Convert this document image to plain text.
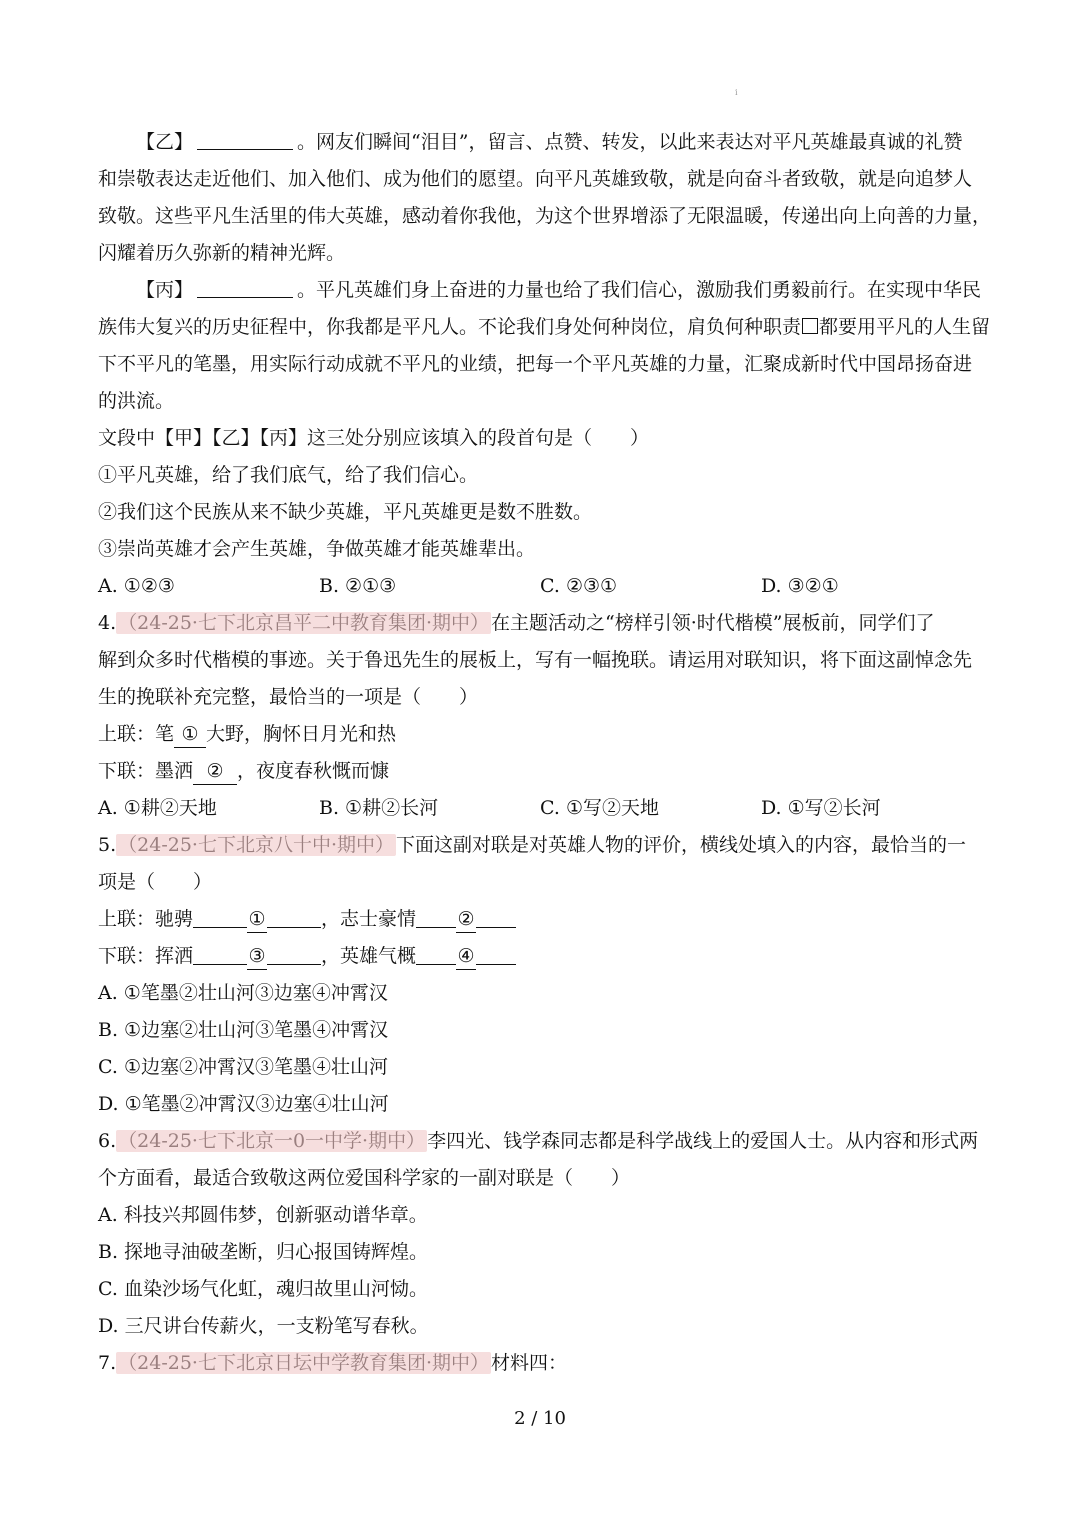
i

【乙】	。网友们瞬间“泪目”，留言、点赞、转发，以此来表达对平凡英雄最真诚的礼赞

和崇敬表达走近他们、加入他们、成为他们的愿望。向平凡英雄致敬，就是向奋斗者致敬，就是向追梦人

致敬。这些平凡生活里的伟大英雄，感动着你我他，为这个世界增添了无限温暖，传递出向上向善的力量，

闪耀着历久弥新的精神光辉。

【丙】	。平凡英雄们身上奋进的力量也给了我们信心，激励我们勇毅前行。在实现中华民

族伟大复兴的历史征程中，你我都是平凡人。不论我们身处何种岗位，肩负何种职责 都要用平凡的人生留

下不平凡的笔墨，用实际行动成就不平凡的业绩，把每一个平凡英雄的力量，汇聚成新时代中国昂扬奋进

的洪流。

文段中【甲】【乙】【丙】这三处分别应该填入的段首句是（　　）

①平凡英雄，给了我们底气，给了我们信心。

②我们这个民族从来不缺少英雄，平凡英雄更是数不胜数。

③崇尚英雄才会产生英雄，争做英雄才能英雄辈出。

A. ①②③	B. ②①③	C. ②③①	D. ③②①

4. （24-25·七下北京昌平二中教育集团·期中） 在主题活动之“榜样引领·时代楷模”展板前，同学们了

解到众多时代楷模的事迹。关于鲁迅先生的展板上，写有一幅挽联。请运用对联知识，将下面这副悼念先

生的挽联补充完整，最恰当的一项是（　　）

上联：笔 ① 大野，胸怀日月光和热

下联：墨洒 ② ，夜度春秋慨而慷

A. ①耕②天地	B. ①耕②长河	C. ①写②天地	D. ①写②长河

5. （24-25·七下北京八十中·期中） 下面这副对联是对英雄人物的评价，横线处填入的内容，最恰当的一

项是（　　）

上联：驰骋	①	，志士豪情 ②

下联：挥洒	③	，英雄气概 ④

A. ①笔墨②壮山河③边塞④冲霄汉

B. ①边塞②壮山河③笔墨④冲霄汉

C. ①边塞②冲霄汉③笔墨④壮山河

D. ①笔墨②冲霄汉③边塞④壮山河

6. （24-25·七下北京一0一中学·期中） 李四光、钱学森同志都是科学战线上的爱国人士。从内容和形式两

个方面看，最适合致敬这两位爱国科学家的一副对联是（　　）

A. 科技兴邦圆伟梦，创新驱动谱华章。

B. 探地寻油破垄断，归心报国铸辉煌。

C. 血染沙场气化虹，魂归故里山河恸。

D. 三尺讲台传薪火，一支粉笔写春秋。

7. （24-25·七下北京日坛中学教育集团·期中） 材料四：

2 / 10
